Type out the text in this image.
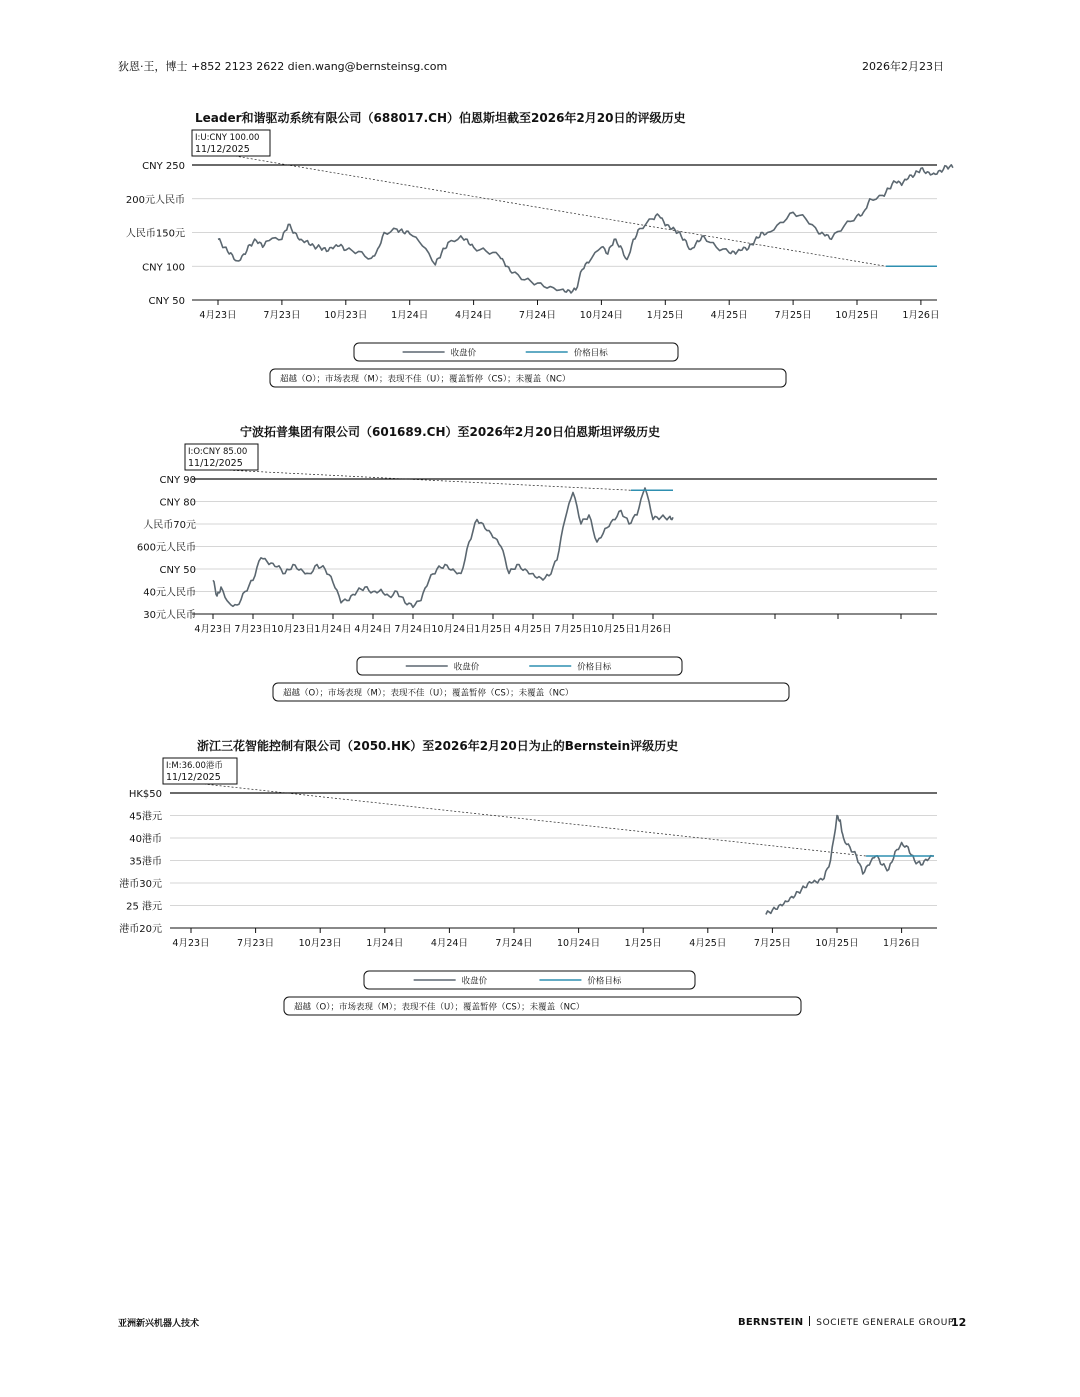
狄恩·王，博士 +852 2123 2622 dien.wang@bernsteinsg.com	2026年2月23日
Leader和谐驱动系统有限公司（688017.CH）伯恩斯坦截至2026年2月20日的评级历史
CNY 250
200元人民币
人民币150元
CNY 100
CNY 50
4月23日	7月23日 10月23日 1月24日	4月24日	7月24日 10月24日 1月25日	4月25日	7月25日 10月25日 1月26日
I:U:CNY 100.00
11/12/2025
收盘价	价格目标
超越（O）；市场表现（M）；表现不佳（U）；覆盖暂停（CS）；未覆盖（NC）
宁波拓普集团有限公司（601689.CH）至2026年2月20日伯恩斯坦评级历史
CNY 90
CNY 80
人民币70元
600元人民币
CNY 50
40元人民币
30元人民币
4月23日 7月23日 10月23日 1月24日 4月24日 7月24日 10月24日 1月25日 4月25日 7月25日 10月25日 1月26日
I:O:CNY 85.00
11/12/2025
收盘价	价格目标
超越（O）；市场表现（M）；表现不佳（U）；覆盖暂停（CS）；未覆盖（NC）
浙江三花智能控制有限公司（2050.HK）至2026年2月20日为止的Bernstein评级历史
HK$50
45港元
40港币
35港币
港币30元
25 港元
港币20元
4月23日	7月23日	10月23日	1月24日	4月24日	7月24日	10月24日	1月25日	4月25日	7月25日	10月25日	1月26日
I:M:36.00港币
11/12/2025
收盘价	价格目标
超越（O）；市场表现（M）；表现不佳（U）；覆盖暂停（CS）；未覆盖（NC）
亚洲新兴机器人技术	BERNSTEIN SOCIETE GENERALE GROUP
12
